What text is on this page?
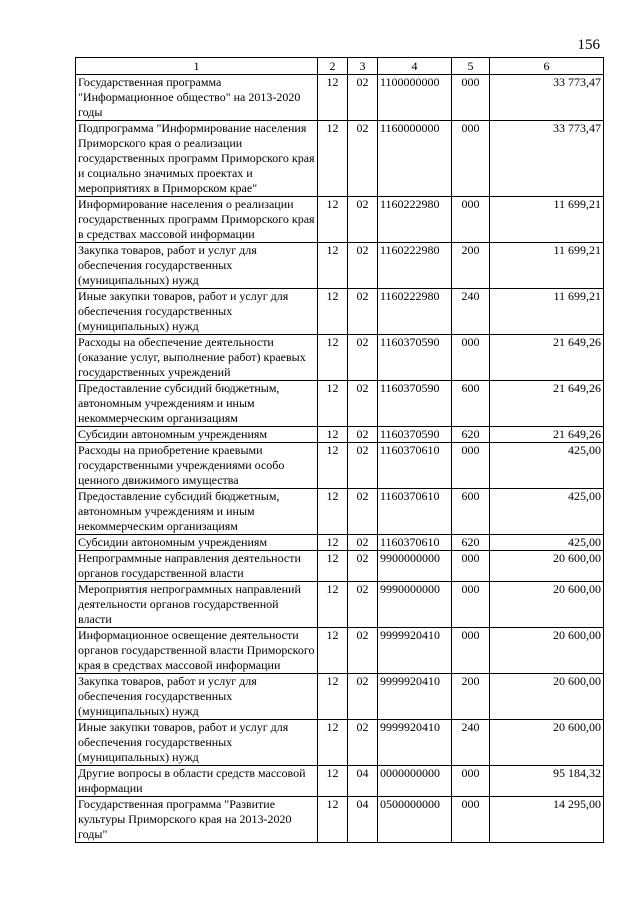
156
1	2	3	4	5	6
Государственная программа "Информационное общество" на 2013-2020 годы	12	02	1100000000	000	33 773,47
Подпрограмма "Информирование населения Приморского края о реализации государственных программ Приморского края и социально значимых проектах и мероприятиях в Приморском крае"	12	02	1160000000	000	33 773,47
Информирование населения о реализации государственных программ Приморского края в средствах массовой информации	12	02	1160222980	000	11 699,21
Закупка товаров, работ и услуг для обеспечения государственных (муниципальных) нужд	12	02	1160222980	200	11 699,21
Иные закупки товаров, работ и услуг для обеспечения государственных (муниципальных) нужд	12	02	1160222980	240	11 699,21
Расходы на обеспечение деятельности (оказание услуг, выполнение работ) краевых государственных учреждений	12	02	1160370590	000	21 649,26
Предоставление субсидий бюджетным, автономным учреждениям и иным некоммерческим организациям	12	02	1160370590	600	21 649,26
Субсидии автономным учреждениям	12	02	1160370590	620	21 649,26
Расходы на приобретение краевыми государственными учреждениями особо ценного движимого имущества	12	02	1160370610	000	425,00
Предоставление субсидий бюджетным, автономным учреждениям и иным некоммерческим организациям	12	02	1160370610	600	425,00
Субсидии автономным учреждениям	12	02	1160370610	620	425,00
Непрограммные направления деятельности органов государственной власти	12	02	9900000000	000	20 600,00
Мероприятия непрограммных направлений деятельности органов государственной власти	12	02	9990000000	000	20 600,00
Информационное освещение деятельности органов государственной власти Приморского края в средствах массовой информации	12	02	9999920410	000	20 600,00
Закупка товаров, работ и услуг для обеспечения государственных (муниципальных) нужд	12	02	9999920410	200	20 600,00
Иные закупки товаров, работ и услуг для обеспечения государственных (муниципальных) нужд	12	02	9999920410	240	20 600,00
Другие вопросы в области средств массовой информации	12	04	0000000000	000	95 184,32
Государственная программа "Развитие культуры Приморского края на 2013-2020 годы"	12	04	0500000000	000	14 295,00
